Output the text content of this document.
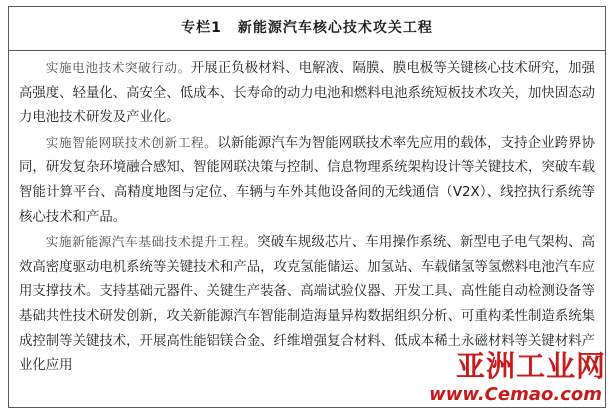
专栏1 新能源汽车核心技术攻关工程

实施电池技术突破行动。开展正负极材料、电解液、隔膜、膜电极等关键核心技术研究，加强高强度、轻量化、高安全、低成本、长寿命的动力电池和燃料电池系统短板技术攻关，加快固态动力电池技术研发及产业化。

实施智能网联技术创新工程。以新能源汽车为智能网联技术率先应用的载体，支持企业跨界协同，研发复杂环境融合感知、智能网联决策与控制、信息物理系统架构设计等关键技术，突破车载智能计算平台、高精度地图与定位、车辆与车外其他设备间的无线通信（V2X）、线控执行系统等核心技术和产品。

实施新能源汽车基础技术提升工程。突破车规级芯片、车用操作系统、新型电子电气架构、高效高密度驱动电机系统等关键技术和产品，攻克氢能储运、加氢站、车载储氢等氢燃料电池汽车应用支撑技术。支持基础元器件、关键生产装备、高端试验仪器、开发工具、高性能自动检测设备等基础共性技术研发创新，攻关新能源汽车智能制造海量异构数据组织分析、可重构柔性制造系统集成控制等关键技术，开展高性能铝镁合金、纤维增强复合材料、低成本稀土永磁材料等关键材料产业化应用	亚洲工业网
www.Cemao.com
